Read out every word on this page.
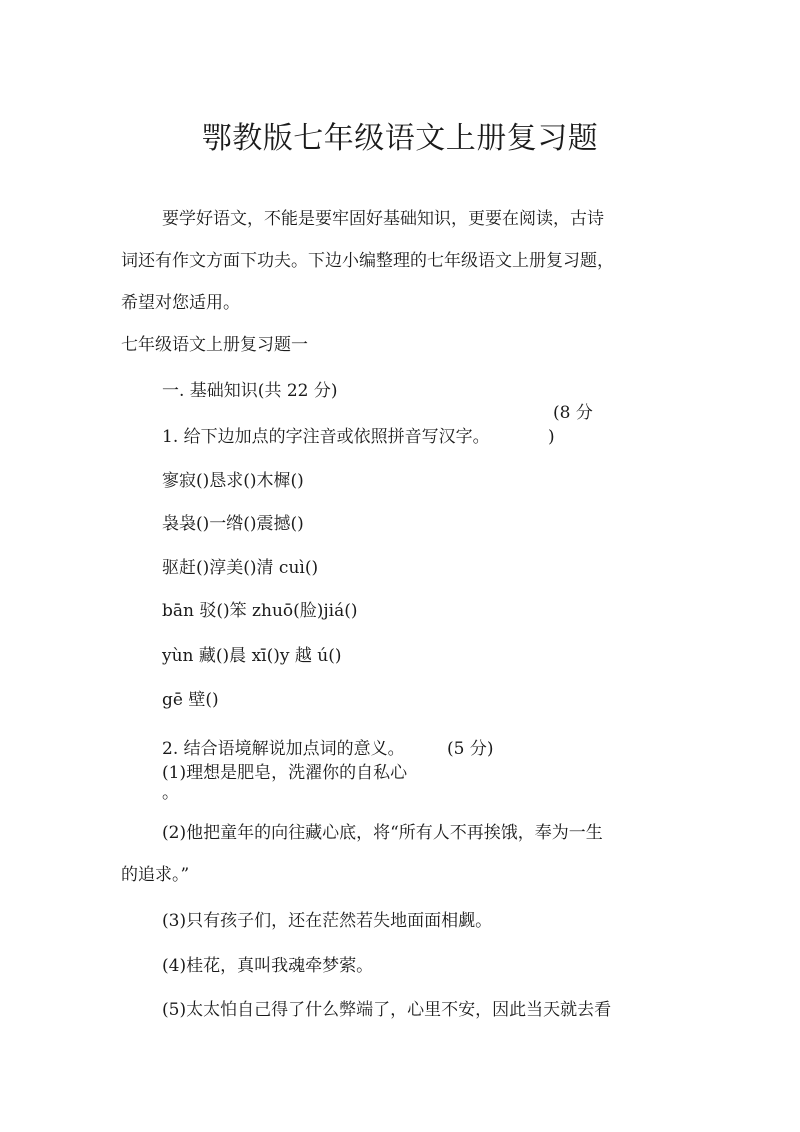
鄂教版七年级语文上册复习题
要学好语文，不能是要牢固好基础知识，更要在阅读，古诗
词还有作文方面下功夫。下边小编整理的七年级语文上册复习题，
希望对您适用。
七年级语文上册复习题一
一. 基础知识(共 22 分)
(8 分
1. 给下边加点的字注音或依照拼音写汉字。	)
寥寂()恳求()木樨()
袅袅()一绺()震撼()
驱赶()淳美()清 cuì()
bān 驳()笨 zhuō(脸)jiá()
yùn 藏()晨 xī()y 越 ú()
gē 壁()
2. 结合语境解说加点词的意义。 (5 分)
(1)理想是肥皂，洗濯你的自私心
。
(2)他把童年的向往藏心底，将“所有人不再挨饿，奉为一生
的追求。”
(3)只有孩子们，还在茫然若失地面面相觑。
(4)桂花，真叫我魂牵梦萦。
(5)太太怕自己得了什么弊端了，心里不安，因此当天就去看
